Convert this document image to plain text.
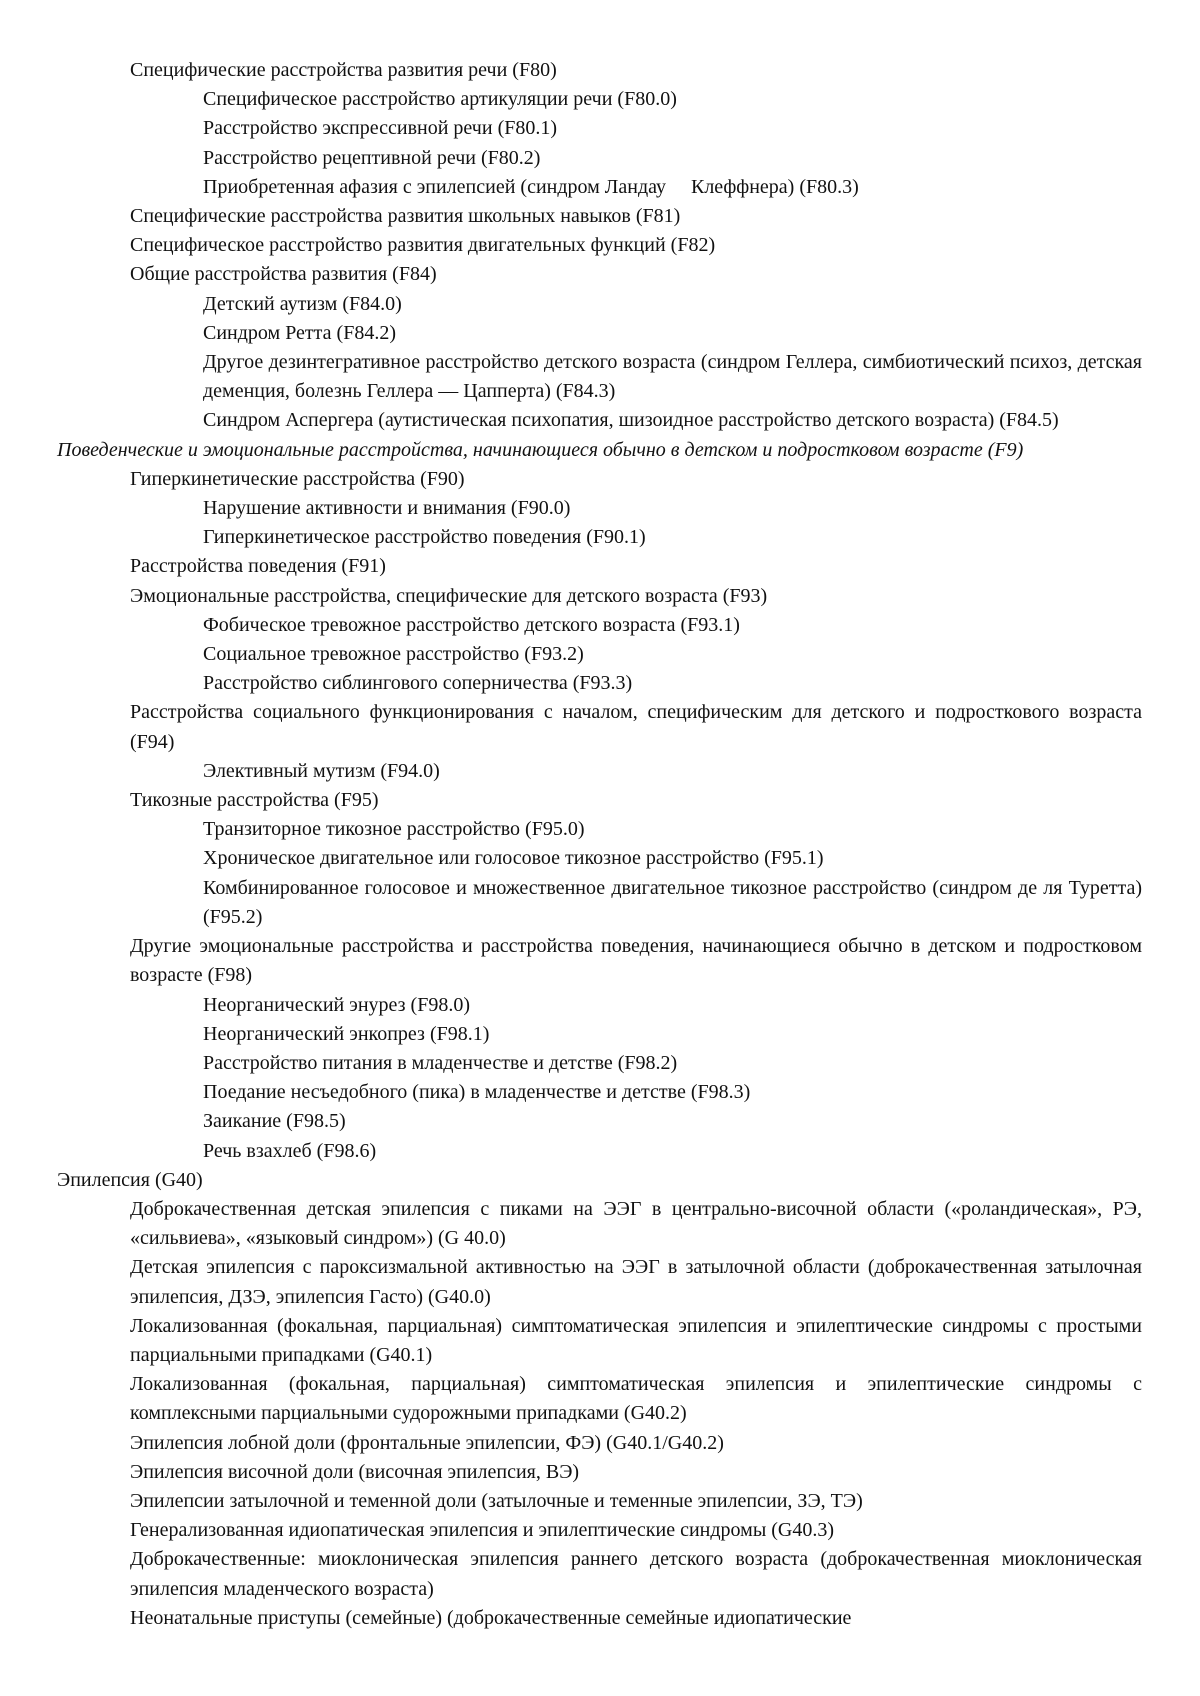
Специфические расстройства развития речи (F80)

Специфическое расстройство артикуляции речи (F80.0)

Расстройство экспрессивной речи (F80.1)

Расстройство рецептивной речи (F80.2)

Приобретенная афазия с эпилепсией (синдром Ландау     Клеффнера) (F80.3)

Специфические расстройства развития школьных навыков (F81)

Специфическое расстройство развития двигательных функций (F82)

Общие расстройства развития (F84)

Детский аутизм (F84.0)

Синдром Ретта (F84.2)

Другое дезинтегративное расстройство детского возраста (синдром Геллера, симбиотический психоз, детская деменция, болезнь Геллера — Цапперта) (F84.3)

Синдром Аспергера (аутистическая психопатия, шизоидное расстройство детского возраста) (F84.5)

Поведенческие и эмоциональные расстройства, начинающиеся обычно в детском и подростковом возрасте (F9)

Гиперкинетические расстройства (F90)

Нарушение активности и внимания (F90.0)

Гиперкинетическое расстройство поведения (F90.1)

Расстройства поведения (F91)

Эмоциональные расстройства, специфические для детского возраста (F93)

Фобическое тревожное расстройство детского возраста (F93.1)

Социальное тревожное расстройство (F93.2)

Расстройство сиблингового соперничества (F93.3)

Расстройства социального функционирования с началом, специфическим для детского и подросткового возраста (F94)

Элективный мутизм (F94.0)

Тикозные расстройства (F95)

Транзиторное тикозное расстройство (F95.0)

Хроническое двигательное или голосовое тикозное расстройство (F95.1)

Комбинированное голосовое и множественное двигательное тикозное расстройство (синдром де ля Туретта) (F95.2)

Другие эмоциональные расстройства и расстройства поведения, начинающиеся обычно в детском и подростковом возрасте (F98)

Неорганический энурез (F98.0)

Неорганический энкопрез (F98.1)

Расстройство питания в младенчестве и детстве (F98.2)

Поедание несъедобного (пика) в младенчестве и детстве (F98.3)

Заикание (F98.5)

Речь взахлеб (F98.6)

Эпилепсия (G40)

Доброкачественная детская эпилепсия с пиками на ЭЭГ в центрально-височной области («роландическая», РЭ, «сильвиева», «языковый синдром») (G 40.0)

Детская эпилепсия с пароксизмальной активностью на ЭЭГ в затылочной области (доброкачественная затылочная эпилепсия, ДЗЭ, эпилепсия Гасто) (G40.0)

Локализованная (фокальная, парциальная) симптоматическая эпилепсия и эпилептические синдромы с простыми парциальными припадками (G40.1)

Локализованная (фокальная, парциальная) симптоматическая эпилепсия и эпилептические синдромы с комплексными парциальными судорожными припадками (G40.2)

Эпилепсия лобной доли (фронтальные эпилепсии, ФЭ) (G40.1/G40.2)

Эпилепсия височной доли (височная эпилепсия, ВЭ)

Эпилепсии затылочной и теменной доли (затылочные и теменные эпилепсии, ЗЭ, ТЭ)

Генерализованная идиопатическая эпилепсия и эпилептические синдромы (G40.3)

Доброкачественные: миоклоническая эпилепсия раннего детского возраста (доброкачественная миоклоническая эпилепсия младенческого возраста)

Неонатальные приступы (семейные) (доброкачественные семейные идиопатические
